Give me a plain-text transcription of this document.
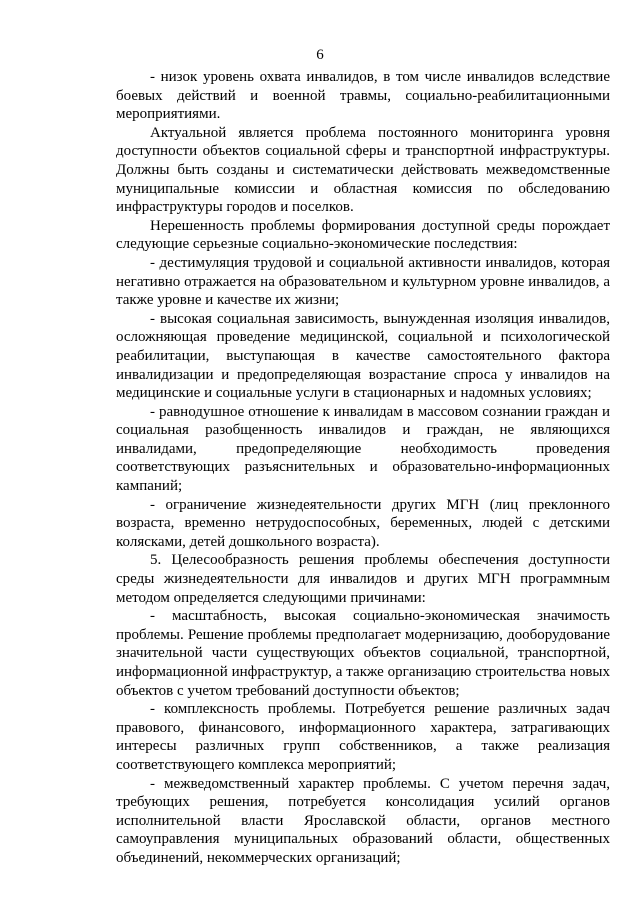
6

- низок уровень охвата инвалидов, в том числе инвалидов вследствие боевых действий и военной травмы, социально-реабилитационными мероприятиями.

Актуальной является проблема постоянного мониторинга уровня доступности объектов социальной сферы и транспортной инфраструктуры. Должны быть созданы и систематически действовать межведомственные муниципальные комиссии и областная комиссия по обследованию инфраструктуры городов и поселков.

Нерешенность проблемы формирования доступной среды порождает следующие серьезные социально-экономические последствия:

- дестимуляция трудовой и социальной активности инвалидов, которая негативно отражается на образовательном и культурном уровне инвалидов, а также уровне и качестве их жизни;

- высокая социальная зависимость, вынужденная изоляция инвалидов, осложняющая проведение медицинской, социальной и психологической реабилитации, выступающая в качестве самостоятельного фактора инвалидизации и предопределяющая возрастание спроса у инвалидов на медицинские и социальные услуги в стационарных и надомных условиях;

- равнодушное отношение к инвалидам в массовом сознании граждан и социальная разобщенность инвалидов и граждан, не являющихся инвалидами, предопределяющие необходимость проведения соответствующих разъяснительных и образовательно-информационных кампаний;

- ограничение жизнедеятельности других МГН (лиц преклонного возраста, временно нетрудоспособных, беременных, людей с детскими колясками, детей дошкольного возраста).

5. Целесообразность решения проблемы обеспечения доступности среды жизнедеятельности для инвалидов и других МГН программным методом определяется следующими причинами:

- масштабность, высокая социально-экономическая значимость проблемы. Решение проблемы предполагает модернизацию, дооборудование значительной части существующих объектов социальной, транспортной, информационной инфраструктур, а также организацию строительства новых объектов с учетом требований доступности объектов;

- комплексность проблемы. Потребуется решение различных задач правового, финансового, информационного характера, затрагивающих интересы различных групп собственников, а также реализация соответствующего комплекса мероприятий;

- межведомственный характер проблемы. С учетом перечня задач, требующих решения, потребуется консолидация усилий органов исполнительной власти Ярославской области, органов местного самоуправления муниципальных образований области, общественных объединений, некоммерческих организаций;
